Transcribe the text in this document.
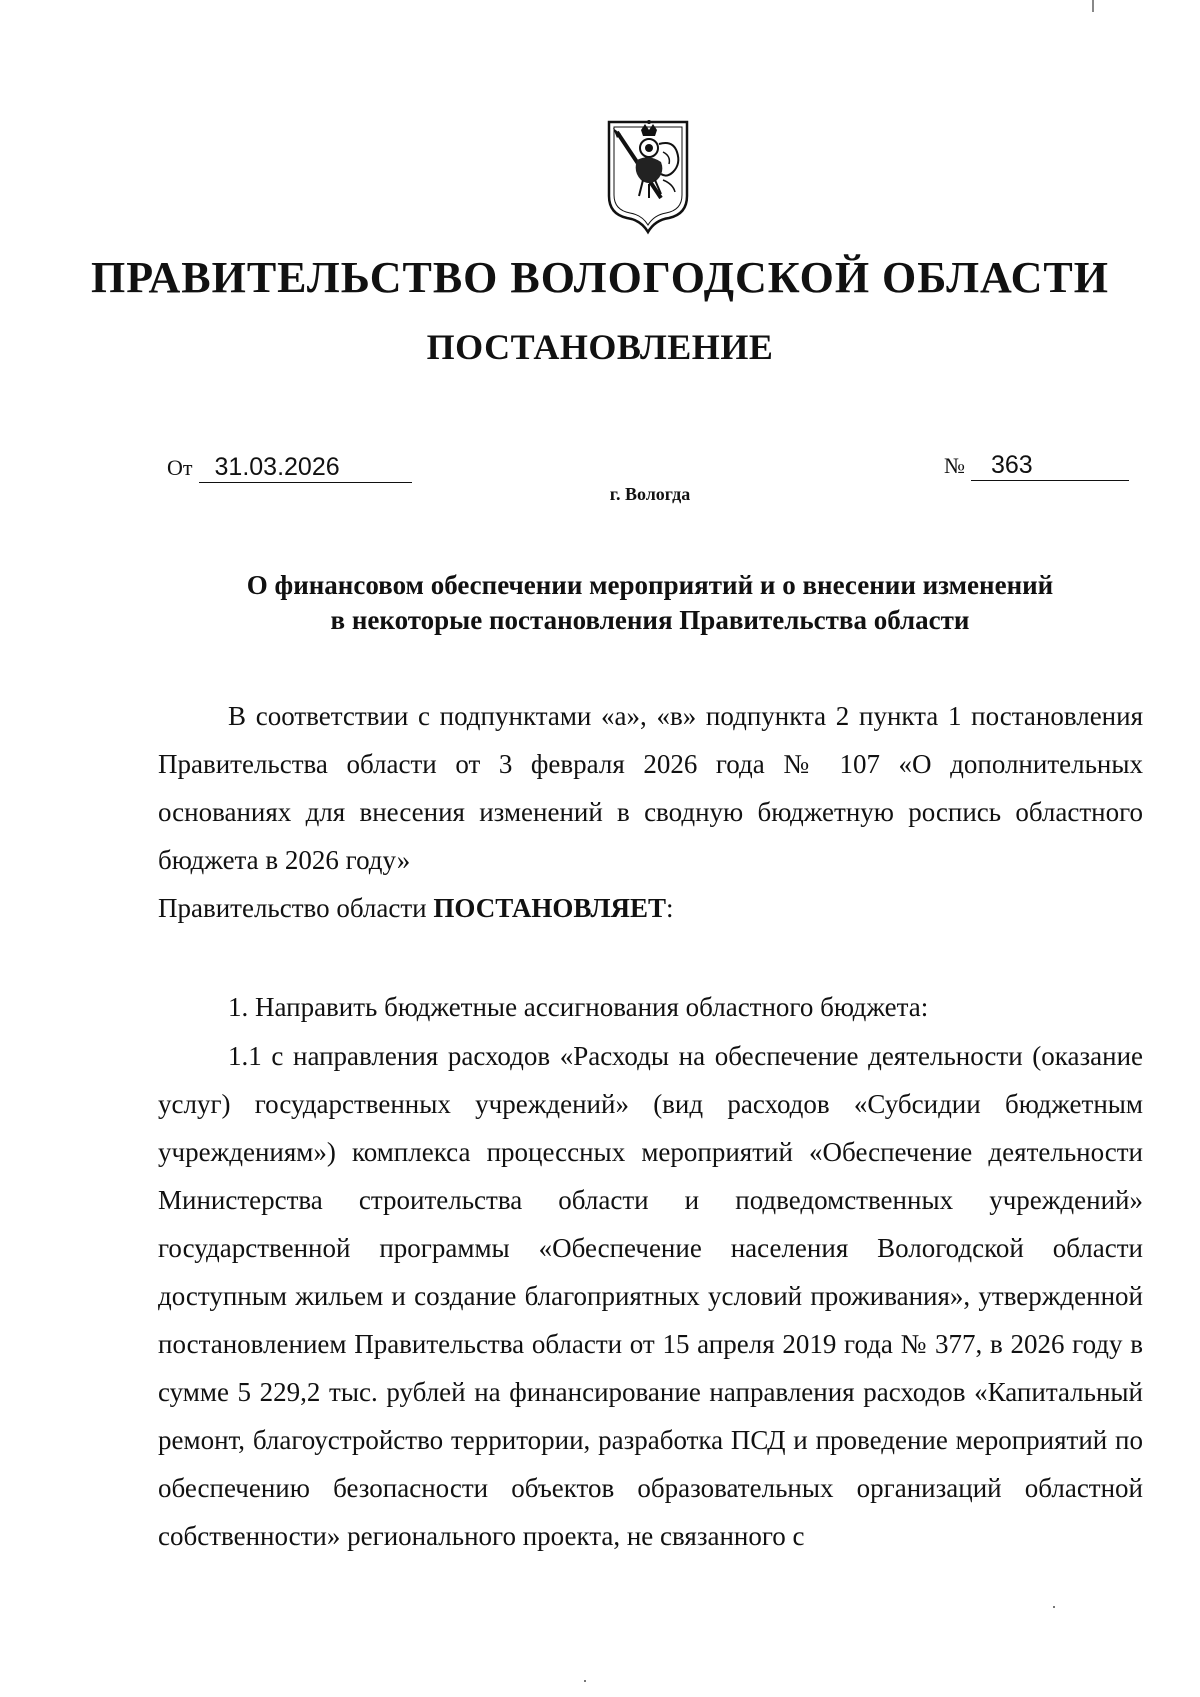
ПРАВИТЕЛЬСТВО ВОЛОГОДСКОЙ ОБЛАСТИ
ПОСТАНОВЛЕНИЕ
От 31.03.2026	№ 363
г. Вологда
О финансовом обеспечении мероприятий и о внесении изменений
в некоторые постановления Правительства области
В соответствии с подпунктами «а», «в» подпункта 2 пункта 1 постановления Правительства области от 3 февраля 2026 года № 107 «О дополнительных основаниях для внесения изменений в сводную бюджетную роспись областного бюджета в 2026 году»
Правительство области ПОСТАНОВЛЯЕТ:
1. Направить бюджетные ассигнования областного бюджета:
1.1 с направления расходов «Расходы на обеспечение деятельности (оказание услуг) государственных учреждений» (вид расходов «Субсидии бюджетным учреждениям») комплекса процессных мероприятий «Обеспечение деятельности Министерства строительства области и подведомственных учреждений» государственной программы «Обеспечение населения Вологодской области доступным жильем и создание благоприятных условий проживания», утвержденной постановлением Правительства области от 15 апреля 2019 года № 377, в 2026 году в сумме 5 229,2 тыс. рублей на финансирование направления расходов «Капитальный ремонт, благоустройство территории, разработка ПСД и проведение мероприятий по обеспечению безопасности объектов образовательных организаций областной собственности» регионального проекта, не связанного с
